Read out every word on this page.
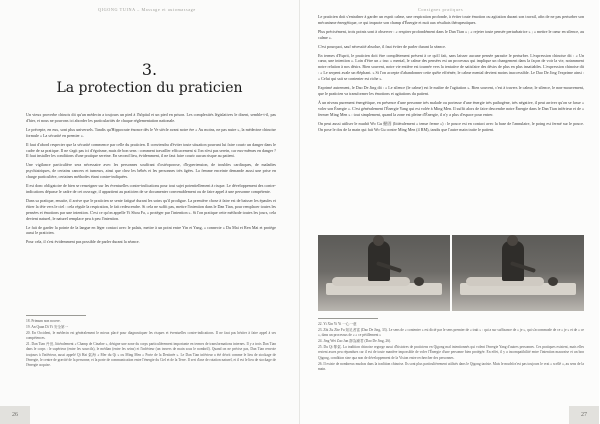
QIGONG TUINA – Massage et automassage
3.
La protection du praticien

Un vieux proverbe chinois dit qu'un médecin a toujours un pied à l'hôpital et un pied en prison. Les complexités législatives le disent, semble-t-il, pas d'hier, et nous ne pouvons ici aborder les particularités de chaque réglementation nationale.

Le précepte, en eux, sont plus universels. Tandis qu'Hippocrate énonce dès le Ve siècle avant notre ère « Au moins, ne pas nuire », la médecine chinoise formule « La sécurité en premier ».

Il faut d'abord respecter que la sécurité commence par celle du praticien. Il conviendra d'éviter toute situation pouvant lui faire courir un danger dans le cadre de sa pratique. Il ne s'agit pas ici d'égoïsme, mais de bon sens : comment travailler efficacement si l'on n'est pas serein, car eux-mêmes en danger ? Il faut installer les conditions d'une pratique sereine. En second lieu, évidemment, il ne faut faire courir aucun risque au patient.

Une vigilance particulière sera nécessaire avec les personnes souffrant d'ostéoporose, d'hypertension, de troubles cardiaques, de maladies psychiatriques, de certains cancers et tumeurs, ainsi que chez les bébés et les personnes très âgées. La femme enceinte demande aussi une prise en charge particulière, certaines méthodes étant contre-indiquées.

Il est donc obligatoire de bien se renseigner sur les éventuelles contre-indications pour tout sujet potentiellement à risque. Le développement des contre-indications dépasse le cadre de cet ouvrage, il appartient au praticien de se documenter convenablement ou de faire appel à une personne compétente.

Dans sa pratique, ensuite, il arrive que le praticien se sente fatigué durant les soins qu'il prodigue. La première chose à faire est de baisser les épaules et étirer la tête vers le ciel : cela régule la respiration, le fait redescendre. Si cela ne suffit pas, mettre l'intention dans le Dan Tian, pour remplacer toutes les pensées et émotions par une intention. C'est ce qu'on appelle Yi Shou Fa, « protéger par l'intention ». Si l'on pratique cette méthode toutes les jours, cela devient naturel, le naturel remplace peu à peu l'intention.

Le fait de garder la pointe de la langue en léger contact avec le palais, mettre à un point entre Yin et Yang, « connecte » Du Mai et Ren Mai et protège aussi le praticien.

Pour cela, il s'est évidemment pas possible de parler durant la séance.

18. Primum non nocere.

19. An Quan Di Yi 安全第一

20. En Occident, le médecin est généralement le mieux placé pour diagnostiquer les risques et éventuelles contre-indications. Il ne faut pas hésiter à faire appel à ses compétences.

21. Dan Tian 丹田, littéralement « Champ de Cinabre », désigne une zone du corps particulièrement importante en termes de transformations internes. Il y a trois Dan Tian dans le corps : le supérieur (entre les sourcils), le médian (entre les seins) et l'inférieur (un travers de main sous le nombril). Quand on ne précise pas, Dan Tian renvoie toujours à l'inférieur, aussi appelé Qi Hai 氣海 « Mer du Qi » ou Ming Men « Porte de la Destinée ». Le Dan Tian inférieur a été décrit comme le lieu de stockage de l'énergie, le centre de gravité de la personne, et la porte de communication entre l'énergie du Ciel et de la Terre. Il sert d'axe de rotation naturel, et il est le lieu de stockage de l'énergie acquise.

26
Consignes pratiques

Le praticien doit s'entraîner à garder un esprit calme, une respiration profonde, à éviter toute émotion ou agitation durant son travail, afin de ne pas perturber son mécanisme énergétique, ce qui impacte son champ d'Énergie et nuit aux résultats thérapeutiques.

Plus précisément, trois points sont à observer : « respirer profondément dans le Dan Tian » ; « rejeter toute pensée perturbatrice » ; « mettre le cœur en silence, au calme ».

C'est pourquoi, sauf nécessité absolue, il faut éviter de parler durant la séance.

En termes d'Esprit, le praticien doit être complètement présent à ce qu'il fait, sans laisser aucune pensée parasite le perturber. L'expression chinoise dit : « Un cœur, une intention ». Loin d'être un « truc » mental, le calme des pensées est un processus qui implique un changement dans la façon de voir la vie, notamment notre relation à nos désirs. Bien souvent, notre vie entière est tournée vers la tentative de satisfaire des désirs de plus en plus insatiables. L'expression chinoise dit : « Le serpent avale un éléphant. » Si l'on accepte d'abandonner cette quête effrénée, le calme mental devient moins inaccessible. Le Dao De Jing l'exprime ainsi : « Celui qui sait se contenter est riche ».

Exprimé autrement, le Dao De Jing dit : « Le silence (le calme) est le maître de l'agitation ». Bien souvent, c'est à travers le calme, le silence, le non-mouvement, que le praticien va transformer les émotions et agitations du patient.

À un niveau purement énergétique, en présence d'une personne très malade ou porteuse d'une énergie très pathogène, très négative, il peut arriver qu'on se fasse « voler son Énergie ». C'est généralement l'Énergie Yang qui est volée à Ming Men. Il suffit alors de faire descendre notre Énergie dans le Dan Tian inférieur et de « fermer Ming Men » : tout simplement, quand la zone est pleine d'Énergie, il n'y a plus d'espace pour entrer.

On peut aussi utiliser le mudrâ Wo Gu 握固 (littéralement « tenue ferme ») : le pouce est en contact avec la base de l'annulaire, le poing est fermé sur le pouce. On pose le dos de la main qui fait Wo Gu contre Ming Men (4 RM), tandis que l'autre main traite le patient.

22. Yi Xin Yi Yi 一心一意

23. Zhi Zu Zhe Fu 知足者富 (Dao De Jing, 33). Le sens de « contenter » est dicté par le sens premier de « trait » : qui a sur suffisance de « je », qui s'accommode de ce « je » et de « ce », dans un processus de « « ce pétillement »

24. Jing Wei Zao Jun 靜為躁君 (Dao De Jing, 26).

25. Du Qi 奪氣. La tradition chinoise regorge aussi d'histoires de praticiens en Qigong mal intentionnés qui volent l'énergie Yang d'autres personnes. Ces pratiques existent, mais elles restent assez peu répandues car il est de toute manière impossible de voler l'Énergie d'une personne bien protégée. En effet, il y a incompatibilité entre l'intention mauvaise et un bon Qigong, condition sine qua non de développement de la Vision entre rechercher des personnes.

26. Il existe de nombreux mudras dans la tradition chinoise. Ils sont plus particulièrement utilisés dans le Qigong taoïste. Mais le mudrâ n'est pas toujours le vrai « scellé », au sens de la main.

27
